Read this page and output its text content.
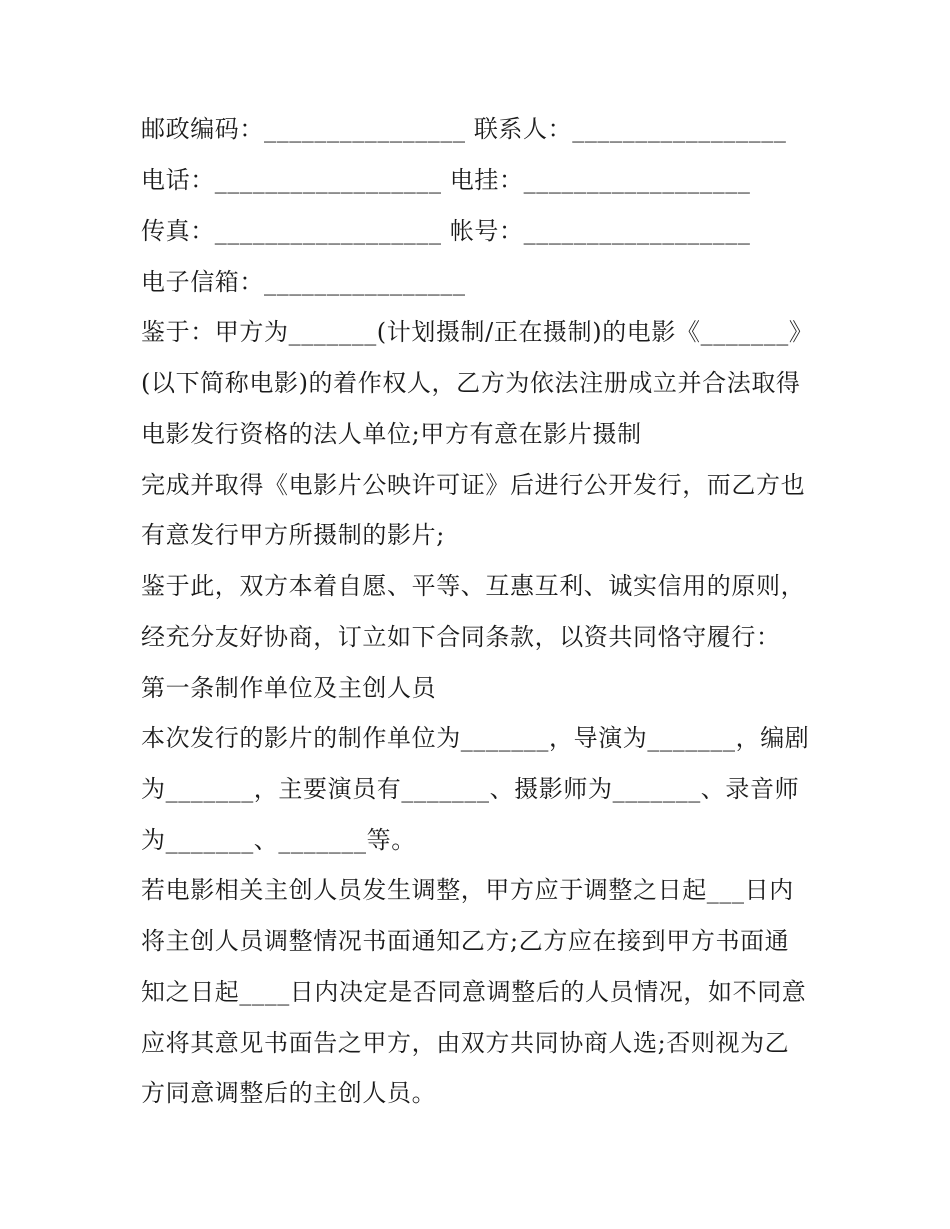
邮政编码：________________ 联系人：_________________
电话：__________________ 电挂：__________________
传真：__________________ 帐号：__________________
电子信箱：________________
鉴于：甲方为_______(计划摄制/正在摄制)的电影《_______》
(以下简称电影)的着作权人，乙方为依法注册成立并合法取得
电影发行资格的法人单位;甲方有意在影片摄制
完成并取得《电影片公映许可证》后进行公开发行，而乙方也
有意发行甲方所摄制的影片;
鉴于此，双方本着自愿、平等、互惠互利、诚实信用的原则，
经充分友好协商，订立如下合同条款，以资共同恪守履行：
第一条制作单位及主创人员
本次发行的影片的制作单位为_______，导演为_______，编剧
为_______，主要演员有_______、摄影师为_______、录音师
为_______、_______等。
若电影相关主创人员发生调整，甲方应于调整之日起___日内
将主创人员调整情况书面通知乙方;乙方应在接到甲方书面通
知之日起____日内决定是否同意调整后的人员情况，如不同意
应将其意见书面告之甲方，由双方共同协商人选;否则视为乙
方同意调整后的主创人员。
